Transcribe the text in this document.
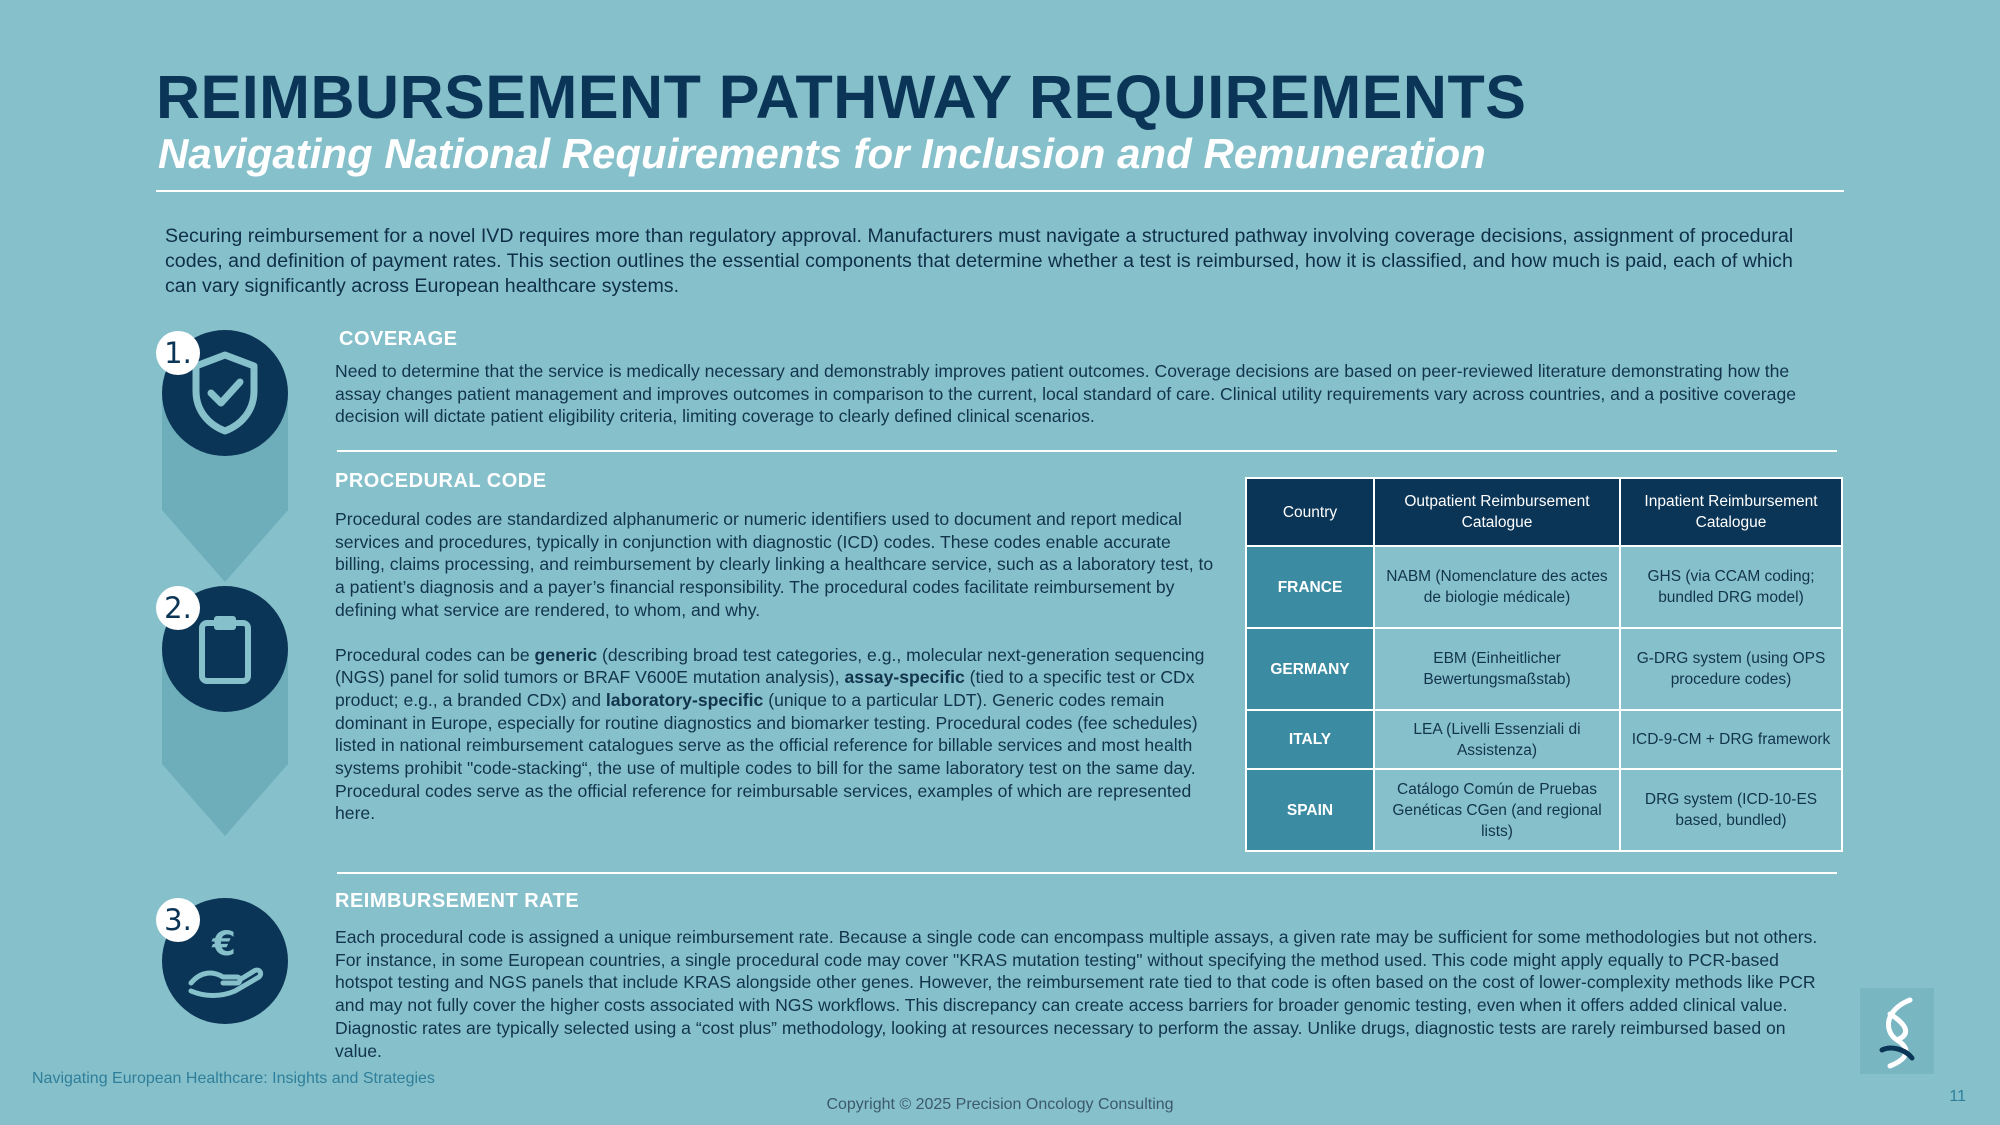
REIMBURSEMENT PATHWAY REQUIREMENTS
Navigating National Requirements for Inclusion and Remuneration
Securing reimbursement for a novel IVD requires more than regulatory approval. Manufacturers must navigate a structured pathway involving coverage decisions, assignment of procedural codes, and definition of payment rates. This section outlines the essential components that determine whether a test is reimbursed, how it is classified, and how much is paid, each of which can vary significantly across European healthcare systems.
1.
2.
€
3.
COVERAGE
Need to determine that the service is medically necessary and demonstrably improves patient outcomes. Coverage decisions are based on peer-reviewed literature demonstrating how the assay changes patient management and improves outcomes in comparison to the current, local standard of care. Clinical utility requirements vary across countries, and a positive coverage decision will dictate patient eligibility criteria, limiting coverage to clearly defined clinical scenarios.
PROCEDURAL CODE

Procedural codes are standardized alphanumeric or numeric identifiers used to document and report medical services and procedures, typically in conjunction with diagnostic (ICD) codes. These codes enable accurate billing, claims processing, and reimbursement by clearly linking a healthcare service, such as a laboratory test, to a patient’s diagnosis and a payer’s financial responsibility. The procedural codes facilitate reimbursement by defining what service are rendered, to whom, and why.

Procedural codes can be generic (describing broad test categories, e.g., molecular next-generation sequencing (NGS) panel for solid tumors or BRAF V600E mutation analysis), assay-specific (tied to a specific test or CDx product; e.g., a branded CDx) and laboratory-specific (unique to a particular LDT). Generic codes remain dominant in Europe, especially for routine diagnostics and biomarker testing. Procedural codes (fee schedules) listed in national reimbursement catalogues serve as the official reference for billable services and most health systems prohibit "code-stacking“, the use of multiple codes to bill for the same laboratory test on the same day. Procedural codes serve as the official reference for reimbursable services, examples of which are represented here.

Country	Outpatient Reimbursement Catalogue	Inpatient Reimbursement Catalogue
FRANCE	NABM (Nomenclature des actes de biologie médicale)	GHS (via CCAM coding; bundled DRG model)
GERMANY	EBM (Einheitlicher Bewertungsmaßstab)	G-DRG system (using OPS procedure codes)
ITALY	LEA (Livelli Essenziali di Assistenza)	ICD-9-CM + DRG framework
SPAIN	Catálogo Común de Pruebas Genéticas CGen (and regional lists)	DRG system (ICD-10-ES based, bundled)
REIMBURSEMENT RATE
Each procedural code is assigned a unique reimbursement rate. Because a single code can encompass multiple assays, a given rate may be sufficient for some methodologies but not others. For instance, in some European countries, a single procedural code may cover "KRAS mutation testing" without specifying the method used. This code might apply equally to PCR-based hotspot testing and NGS panels that include KRAS alongside other genes. However, the reimbursement rate tied to that code is often based on the cost of lower-complexity methods like PCR and may not fully cover the higher costs associated with NGS workflows. This discrepancy can create access barriers for broader genomic testing, even when it offers added clinical value. Diagnostic rates are typically selected using a “cost plus” methodology, looking at resources necessary to perform the assay. Unlike drugs, diagnostic tests are rarely reimbursed based on value.
Navigating European Healthcare: Insights and Strategies
Copyright © 2025 Precision Oncology Consulting	11
